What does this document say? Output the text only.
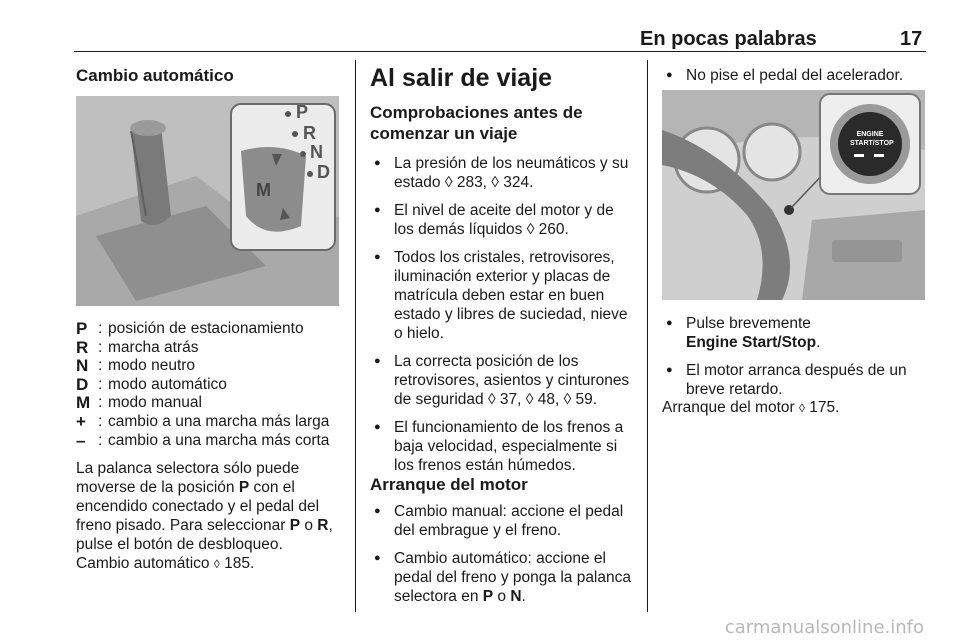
En pocas palabras	17
Cambio automático
P
R
N
D
M
P : posición de estacionamiento
R : marcha atrás
N : modo neutro
D : modo automático
M : modo manual
+ : cambio a una marcha más larga
– : cambio a una marcha más corta

La palanca selectora sólo puede moverse de la posición P con el encendido conectado y el pedal del freno pisado. Para seleccionar P o R, pulse el botón de desbloqueo.

Cambio automático ◊ 185.
Al salir de viaje
Comprobaciones antes de comenzar un viaje
● La presión de los neumáticos y su estado ◊ 283, ◊ 324.
● El nivel de aceite del motor y de los demás líquidos ◊ 260.
● Todos los cristales, retrovisores, iluminación exterior y placas de matrícula deben estar en buen estado y libres de suciedad, nieve o hielo.
● La correcta posición de los retrovisores, asientos y cinturones de seguridad ◊ 37, ◊ 48, ◊ 59.
● El funcionamiento de los frenos a baja velocidad, especialmente si los frenos están húmedos.
Arranque del motor
● Cambio manual: accione el pedal del embrague y el freno.
● Cambio automático: accione el pedal del freno y ponga la palanca selectora en P o N.
● No pise el pedal del acelerador.
ENGINE
START/STOP
● Pulse brevemente
Engine Start/Stop.
● El motor arranca después de un breve retardo.
Arranque del motor ◊ 175.
carmanualsonline.info
